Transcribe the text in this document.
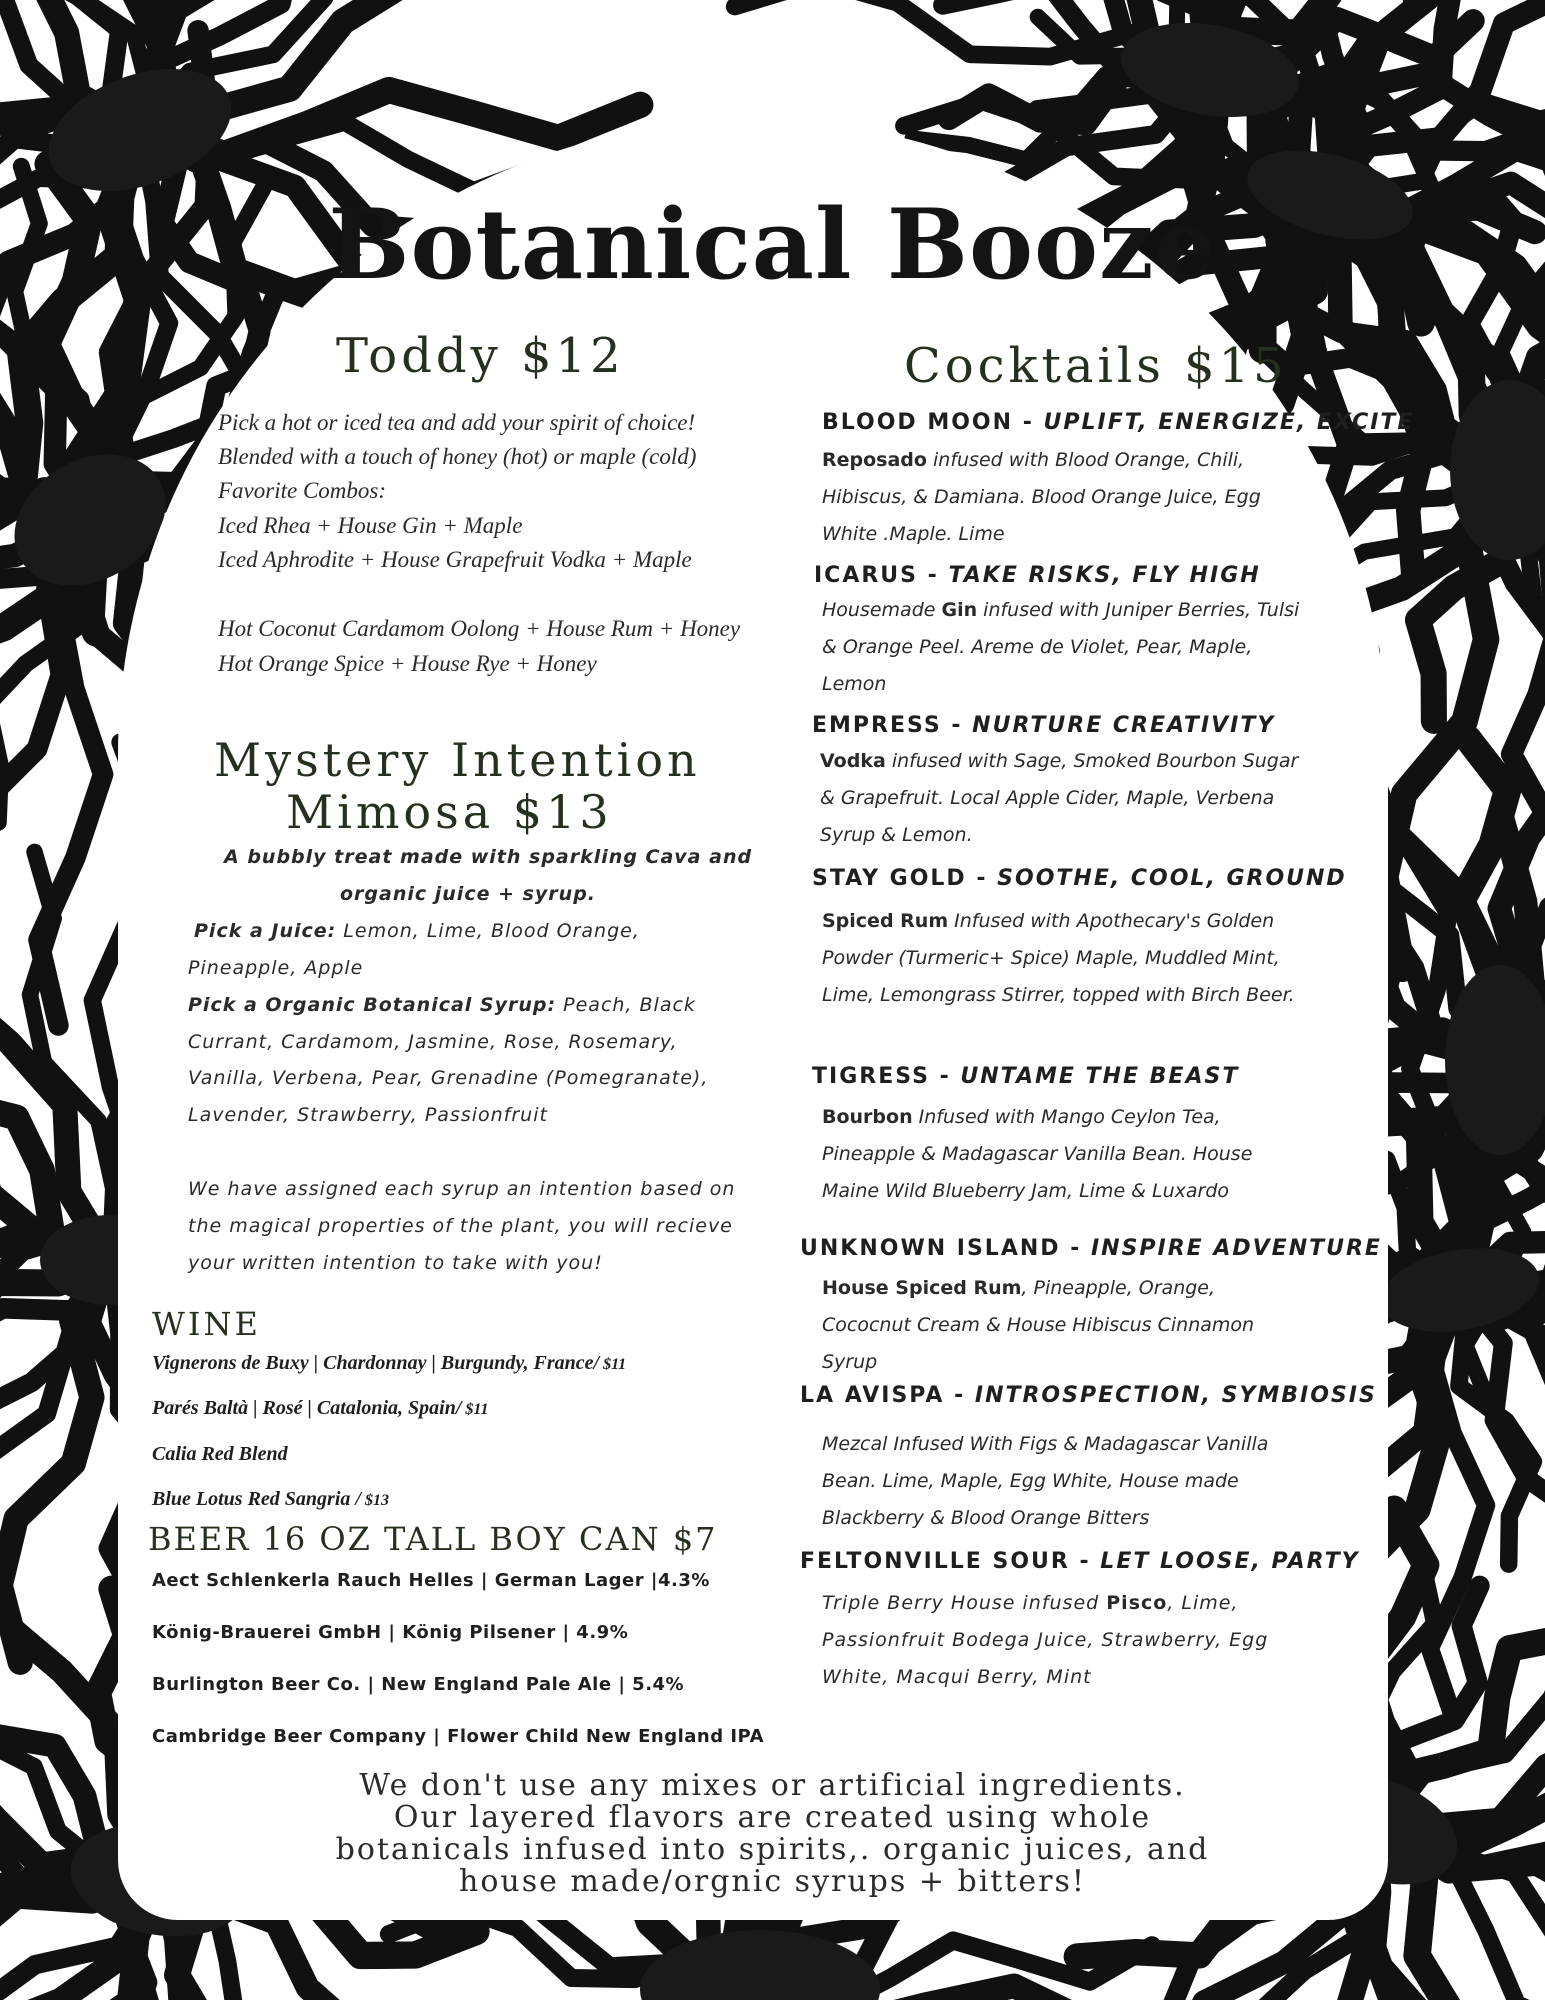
Botanical Booze
Toddy $12
Pick a hot or iced tea and add your spirit of choice!
Blended with a touch of honey (hot) or maple (cold)
Favorite Combos:
Iced Rhea + House Gin + Maple
Iced Aphrodite + House Grapefruit Vodka + Maple
Hot Coconut Cardamom Oolong + House Rum + Honey
Hot Orange Spice + House Rye + Honey
Mystery Intention
Mimosa $13
A bubbly treat made with sparkling Cava and
organic juice + syrup.
Pick a Juice: Lemon, Lime, Blood Orange,
Pineapple, Apple
Pick a Organic Botanical Syrup: Peach, Black
Currant, Cardamom, Jasmine, Rose, Rosemary,
Vanilla, Verbena, Pear, Grenadine (Pomegranate),
Lavender, Strawberry, Passionfruit
We have assigned each syrup an intention based on
the magical properties of the plant, you will recieve
your written intention to take with you!
WINE
Vignerons de Buxy | Chardonnay | Burgundy, France/ $11
Parés Baltà | Rosé | Catalonia, Spain/ $11
Calia Red Blend
Blue Lotus Red Sangria / $13
BEER 16 OZ TALL BOY CAN $7
Aect Schlenkerla Rauch Helles | German Lager |4.3%
König-Brauerei GmbH | König Pilsener | 4.9%
Burlington Beer Co. | New England Pale Ale | 5.4%
Cambridge Beer Company | Flower Child New England IPA
Cocktails $15
BLOOD MOON - UPLIFT, ENERGIZE, EXCITE
Reposado infused with Blood Orange, Chili, Hibiscus, & Damiana. Blood Orange Juice, Egg White .Maple. Lime
ICARUS - TAKE RISKS, FLY HIGH
Housemade Gin infused with Juniper Berries, Tulsi & Orange Peel. Areme de Violet, Pear, Maple, Lemon
EMPRESS - NURTURE CREATIVITY
Vodka infused with Sage, Smoked Bourbon Sugar & Grapefruit. Local Apple Cider, Maple, Verbena Syrup & Lemon.
STAY GOLD - SOOTHE, COOL, GROUND
Spiced Rum Infused with Apothecary's Golden Powder (Turmeric+ Spice) Maple, Muddled Mint, Lime, Lemongrass Stirrer, topped with Birch Beer.
TIGRESS - UNTAME THE BEAST
Bourbon Infused with Mango Ceylon Tea, Pineapple & Madagascar Vanilla Bean. House Maine Wild Blueberry Jam, Lime & Luxardo
UNKNOWN ISLAND - INSPIRE ADVENTURE
House Spiced Rum, Pineapple, Orange, Cococnut Cream & House Hibiscus Cinnamon Syrup
LA AVISPA - INTROSPECTION, SYMBIOSIS
Mezcal Infused With Figs & Madagascar Vanilla Bean. Lime, Maple, Egg White, House made Blackberry & Blood Orange Bitters
FELTONVILLE SOUR - LET LOOSE, PARTY
Triple Berry House infused Pisco, Lime, Passionfruit Bodega Juice, Strawberry, Egg White, Macqui Berry, Mint
We don't use any mixes or artificial ingredients.
Our layered flavors are created using whole
botanicals infused into spirits,. organic juices, and
house made/orgnic syrups + bitters!
